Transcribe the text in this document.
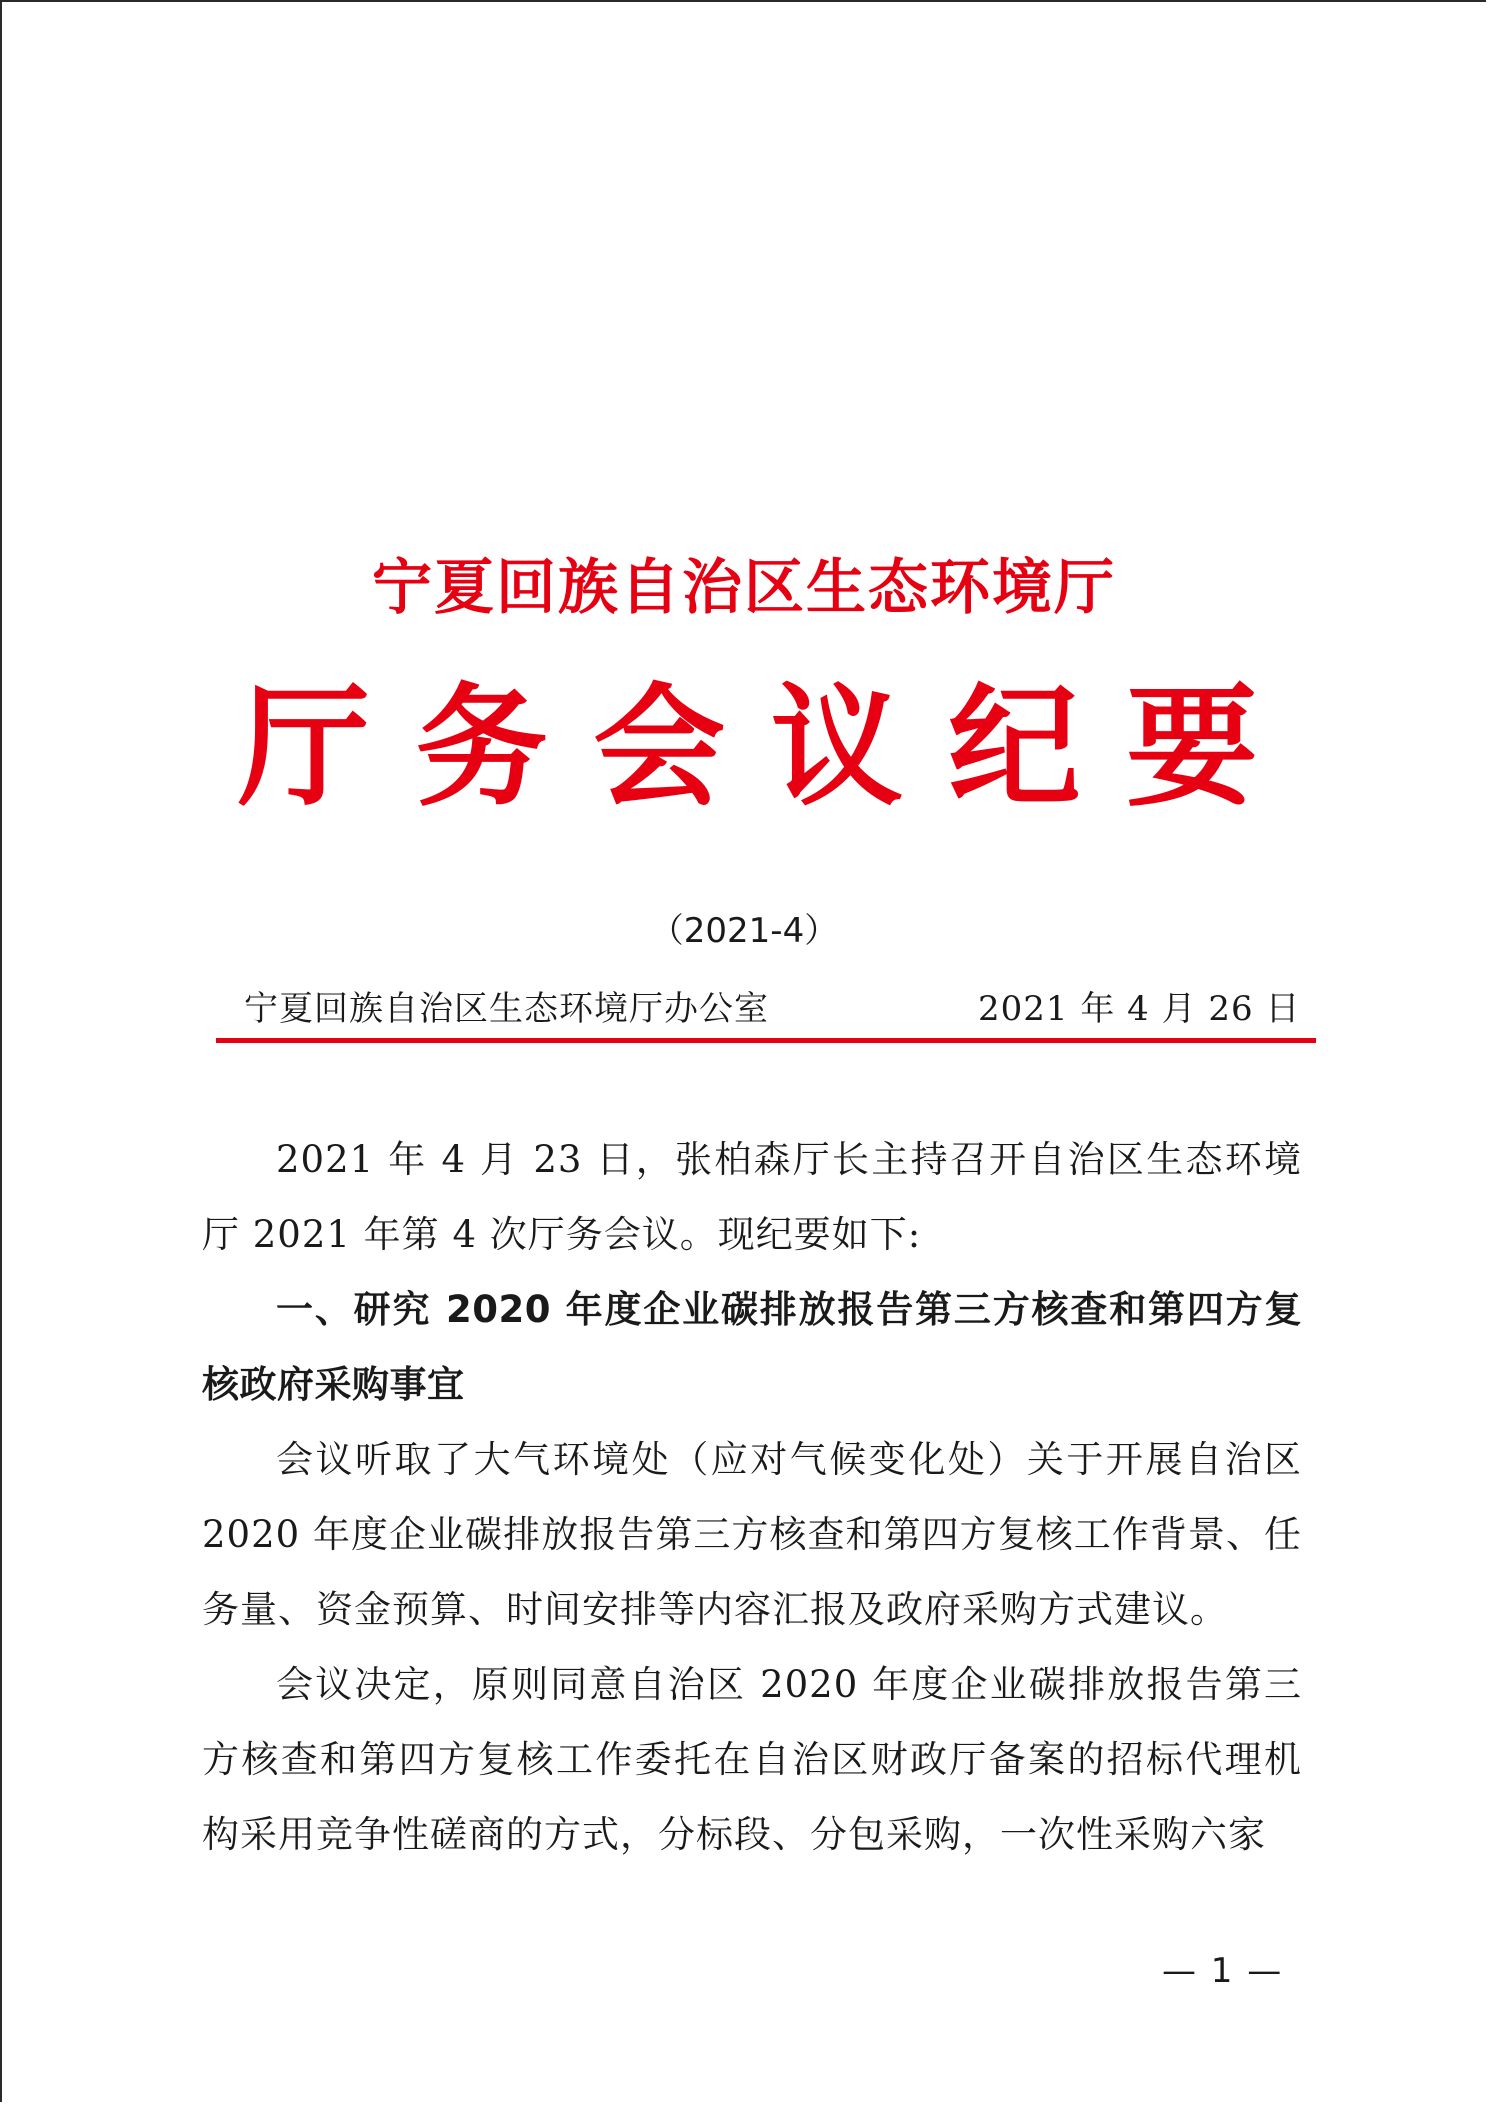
宁夏回族自治区生态环境厅
厅 务 会 议 纪 要
（2021-4）
宁夏回族自治区生态环境厅办公室	2021 年 4 月 26 日

2021 年 4 月 23 日，张柏森厅长主持召开自治区生态环境厅 2021 年第 4 次厅务会议。现纪要如下:

一、研究 2020 年度企业碳排放报告第三方核查和第四方复核政府采购事宜

会议听取了大气环境处（应对气候变化处）关于开展自治区 2020 年度企业碳排放报告第三方核查和第四方复核工作背景、任务量、资金预算、时间安排等内容汇报及政府采购方式建议。

会议决定，原则同意自治区 2020 年度企业碳排放报告第三方核查和第四方复核工作委托在自治区财政厅备案的招标代理机构采用竞争性磋商的方式，分标段、分包采购，一次性采购六家

— 1 —
